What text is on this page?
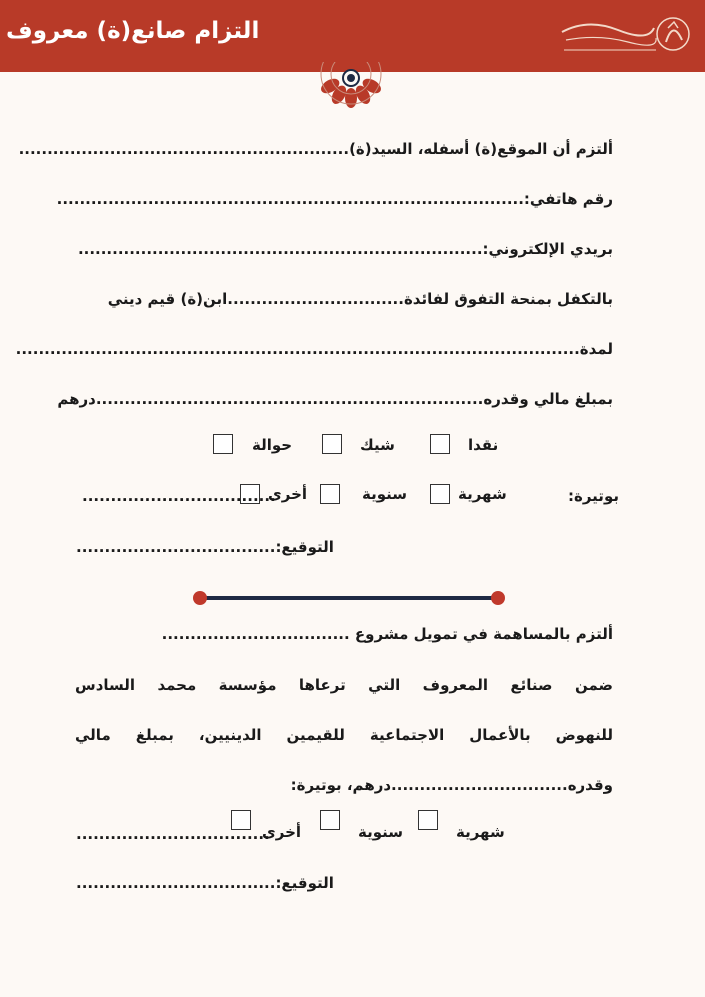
التزام صانع(ة) معروف
ألتزم أن الموقع(ة) أسفله، السيد(ة)..........................................................
رقم هاتفي:..................................................................................
بريدي الإلكتروني:.......................................................................
بالتكفل بمنحة التفوق لفائدة...............................ابن(ة) قيم ديني
لمدة...................................................................................................
بمبلغ مالي وقدره....................................................................درهم
نقدا
شيك
حوالة
بوتيرة:
شهرية
سنوية
أخرى
..................................
التوقيع:...................................
ألتزم بالمساهمة في تمويل مشروع .................................
ضمن صنائع المعروف التي ترعاها مؤسسة محمد السادس
للنهوض بالأعمال الاجتماعية للقيمين الدينيين، بمبلغ مالي
وقدره...............................درهم، بوتيرة:
شهرية
سنوية
أخرى
..................................
التوقيع:...................................
